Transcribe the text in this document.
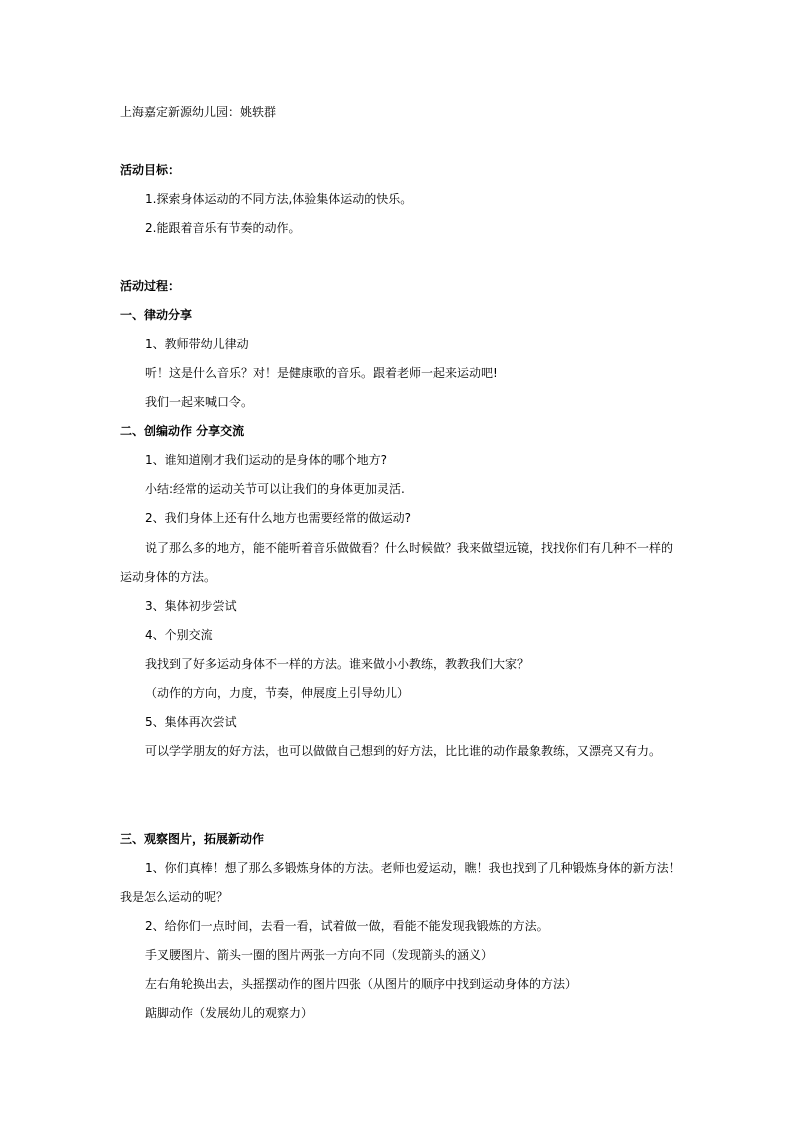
上海嘉定新源幼儿园：姚轶群
活动目标：
1.探索身体运动的不同方法,体验集体运动的快乐。
2.能跟着音乐有节奏的动作。
活动过程：
一、律动分享
1、教师带幼儿律动
听！这是什么音乐？对！是健康歌的音乐。跟着老师一起来运动吧!
我们一起来喊口令。
二、创编动作 分享交流
1、谁知道刚才我们运动的是身体的哪个地方?
小结:经常的运动关节可以让我们的身体更加灵活.
2、我们身体上还有什么地方也需要经常的做运动?
说了那么多的地方，能不能听着音乐做做看？什么时候做？我来做望远镜，找找你们有几种不一样的
运动身体的方法。
3、集体初步尝试
4、个别交流
我找到了好多运动身体不一样的方法。谁来做小小教练，教教我们大家？
（动作的方向，力度，节奏，伸展度上引导幼儿）
5、集体再次尝试
可以学学朋友的好方法，也可以做做自己想到的好方法，比比谁的动作最象教练，又漂亮又有力。
三、观察图片，拓展新动作
1、你们真棒！想了那么多锻炼身体的方法。老师也爱运动，瞧！我也找到了几种锻炼身体的新方法！
我是怎么运动的呢？
2、给你们一点时间，去看一看，试着做一做，看能不能发现我锻炼的方法。
手叉腰图片、箭头一圈的图片两张一方向不同（发现箭头的涵义）
左右角轮换出去，头摇摆动作的图片四张（从图片的顺序中找到运动身体的方法）
踮脚动作（发展幼儿的观察力）
